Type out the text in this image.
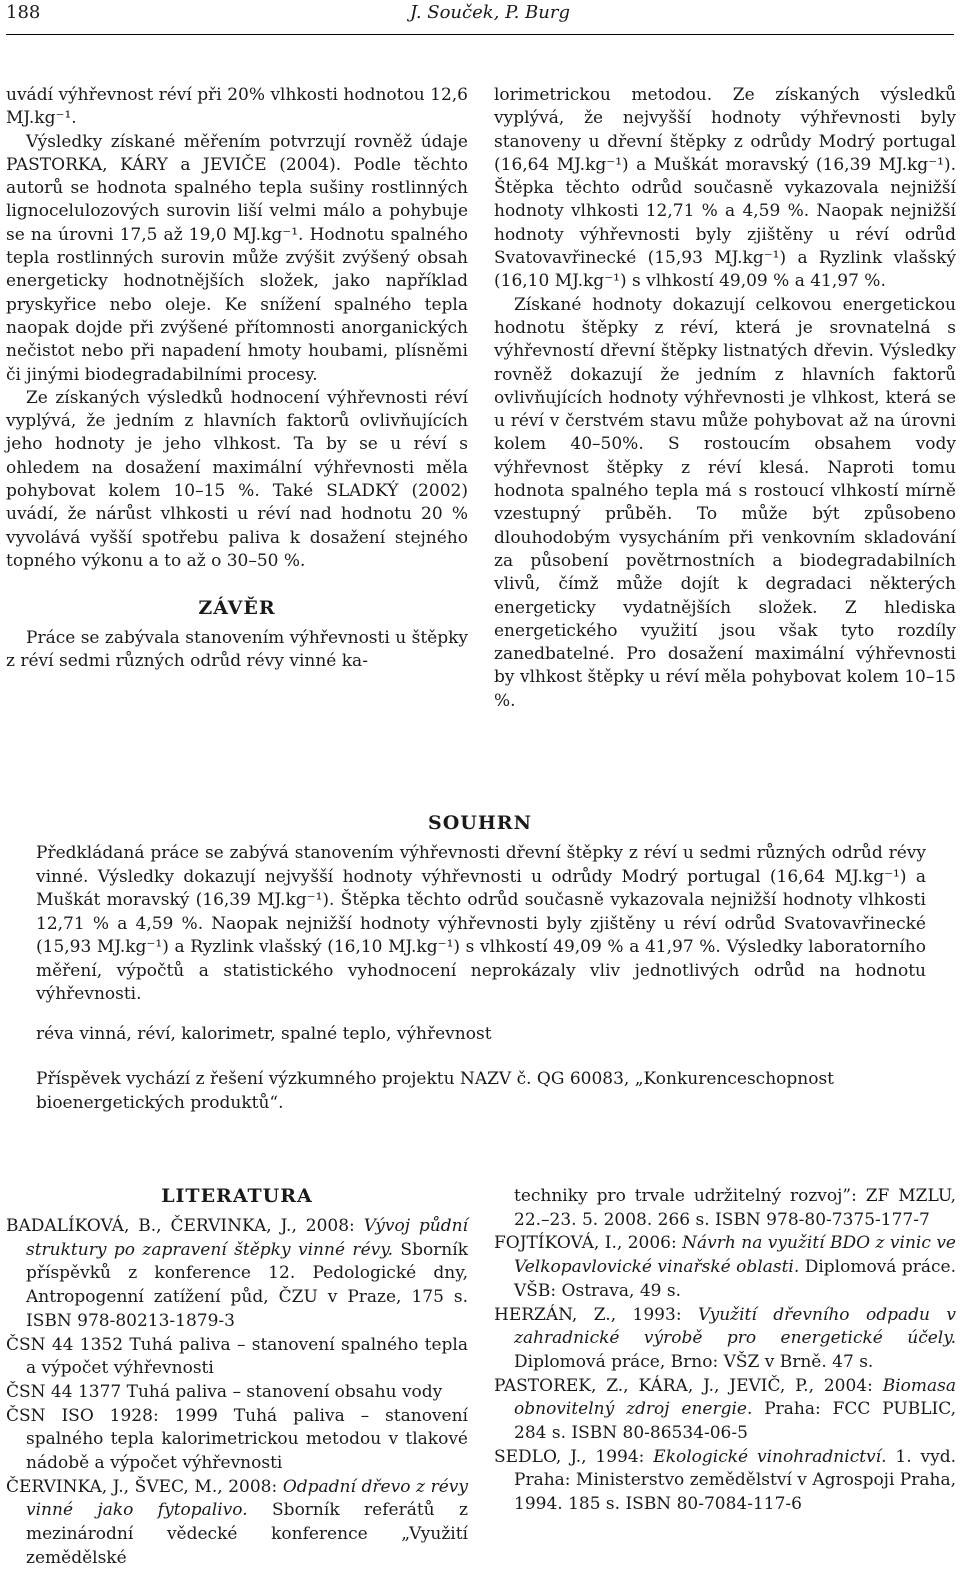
188	J. Souček, P. Burg

uvádí výhřevnost réví při 20% vlhkosti hodnotou 12,6 MJ.kg⁻¹.

Výsledky získané měřením potvrzují rovněž údaje PASTORKA, KÁRY a JEVIČE (2004). Podle těchto autorů se hodnota spalného tepla sušiny rostlinných lignocelulozových surovin liší velmi málo a pohybuje se na úrovni 17,5 až 19,0 MJ.kg⁻¹. Hodnotu spalného tepla rostlinných surovin může zvýšit zvýšený obsah energeticky hodnotnějších složek, jako například pryskyřice nebo oleje. Ke snížení spalného tepla naopak dojde při zvýšené přítomnosti anorganických nečistot nebo při napadení hmoty houbami, plísněmi či jinými biodegradabilními procesy.

Ze získaných výsledků hodnocení výhřevnosti réví vyplývá, že jedním z hlavních faktorů ovlivňujících jeho hodnoty je jeho vlhkost. Ta by se u réví s ohledem na dosažení maximální výhřevnosti měla pohybovat kolem 10–15 %. Také SLADKÝ (2002) uvádí, že nárůst vlhkosti u réví nad hodnotu 20 % vyvolává vyšší spotřebu paliva k dosažení stejného topného výkonu a to až o 30–50 %.

ZÁVĚR

Práce se zabývala stanovením výhřevnosti u štěpky z réví sedmi různých odrůd révy vinné ka-

lorimetrickou metodou. Ze získaných výsledků vyplývá, že nejvyšší hodnoty výhřevnosti byly stanoveny u dřevní štěpky z odrůdy Modrý portugal (16,64 MJ.kg⁻¹) a Muškát moravský (16,39 MJ.kg⁻¹). Štěpka těchto odrůd současně vykazovala nejnižší hodnoty vlhkosti 12,71 % a 4,59 %. Naopak nejnižší hodnoty výhřevnosti byly zjištěny u réví odrůd Svatovavřinecké (15,93 MJ.kg⁻¹) a Ryzlink vlašský (16,10 MJ.kg⁻¹) s vlhkostí 49,09 % a 41,97 %.

Získané hodnoty dokazují celkovou energetickou hodnotu štěpky z réví, která je srovnatelná s výhřevností dřevní štěpky listnatých dřevin. Výsledky rovněž dokazují že jedním z hlavních faktorů ovlivňujících hodnoty výhřevnosti je vlhkost, která se u réví v čerstvém stavu může pohybovat až na úrovni kolem 40–50%. S rostoucím obsahem vody výhřevnost štěpky z réví klesá. Naproti tomu hodnota spalného tepla má s rostoucí vlhkostí mírně vzestupný průběh. To může být způsobeno dlouhodobým vysycháním při venkovním skladování za působení povětrnostních a biodegradabilních vlivů, čímž může dojít k degradaci některých energeticky vydatnějších složek. Z hlediska energetického využití jsou však tyto rozdíly zanedbatelné. Pro dosažení maximální výhřevnosti by vlhkost štěpky u réví měla pohybovat kolem 10–15 %.

SOUHRN
Předkládaná práce se zabývá stanovením výhřevnosti dřevní štěpky z réví u sedmi různých odrůd révy vinné. Výsledky dokazují nejvyšší hodnoty výhřevnosti u odrůdy Modrý portugal (16,64 MJ.kg⁻¹) a Muškát moravský (16,39 MJ.kg⁻¹). Štěpka těchto odrůd současně vykazovala nejnižší hodnoty vlhkosti 12,71 % a 4,59 %. Naopak nejnižší hodnoty výhřevnosti byly zjištěny u réví odrůd Svatovavřinecké (15,93 MJ.kg⁻¹) a Ryzlink vlašský (16,10 MJ.kg⁻¹) s vlhkostí 49,09 % a 41,97 %. Výsledky laboratorního měření, výpočtů a statistického vyhodnocení neprokázaly vliv jednotlivých odrůd na hodnotu výhřevnosti.
réva vinná, réví, kalorimetr, spalné teplo, výhřevnost
Příspěvek vychází z řešení výzkumného projektu NAZV č. QG 60083, „Konkurenceschopnost bioenergetických produktů“.
LITERATURA

BADALÍKOVÁ, B., ČERVINKA, J., 2008: Vývoj půdní struktury po zapravení štěpky vinné révy. Sborník příspěvků z konference 12. Pedologické dny, Antropogenní zatížení půd, ČZU v Praze, 175 s. ISBN 978-80213-1879-3

ČSN 44 1352 Tuhá paliva – stanovení spalného tepla a výpočet výhřevnosti

ČSN 44 1377 Tuhá paliva – stanovení obsahu vody

ČSN ISO 1928: 1999 Tuhá paliva – stanovení spalného tepla kalorimetrickou metodou v tlakové nádobě a výpočet výhřevnosti

ČERVINKA, J., ŠVEC, M., 2008: Odpadní dřevo z révy vinné jako fytopalivo. Sborník referátů z mezinárodní vědecké konference „Využití zemědělské

techniky pro trvale udržitelný rozvoj”: ZF MZLU, 22.–23. 5. 2008. 266 s. ISBN 978-80-7375-177-7

FOJTÍKOVÁ, I., 2006: Návrh na využití BDO z vinic ve Velkopavlovické vinařské oblasti. Diplomová práce. VŠB: Ostrava, 49 s.

HERZÁN, Z., 1993: Využití dřevního odpadu v zahradnické výrobě pro energetické účely. Diplomová práce, Brno: VŠZ v Brně. 47 s.

PASTOREK, Z., KÁRA, J., JEVIČ, P., 2004: Biomasa obnovitelný zdroj energie. Praha: FCC PUBLIC, 284 s. ISBN 80-86534-06-5

SEDLO, J., 1994: Ekologické vinohradnictví. 1. vyd. Praha: Ministerstvo zemědělství v Agrospoji Praha, 1994. 185 s. ISBN 80-7084-117-6
